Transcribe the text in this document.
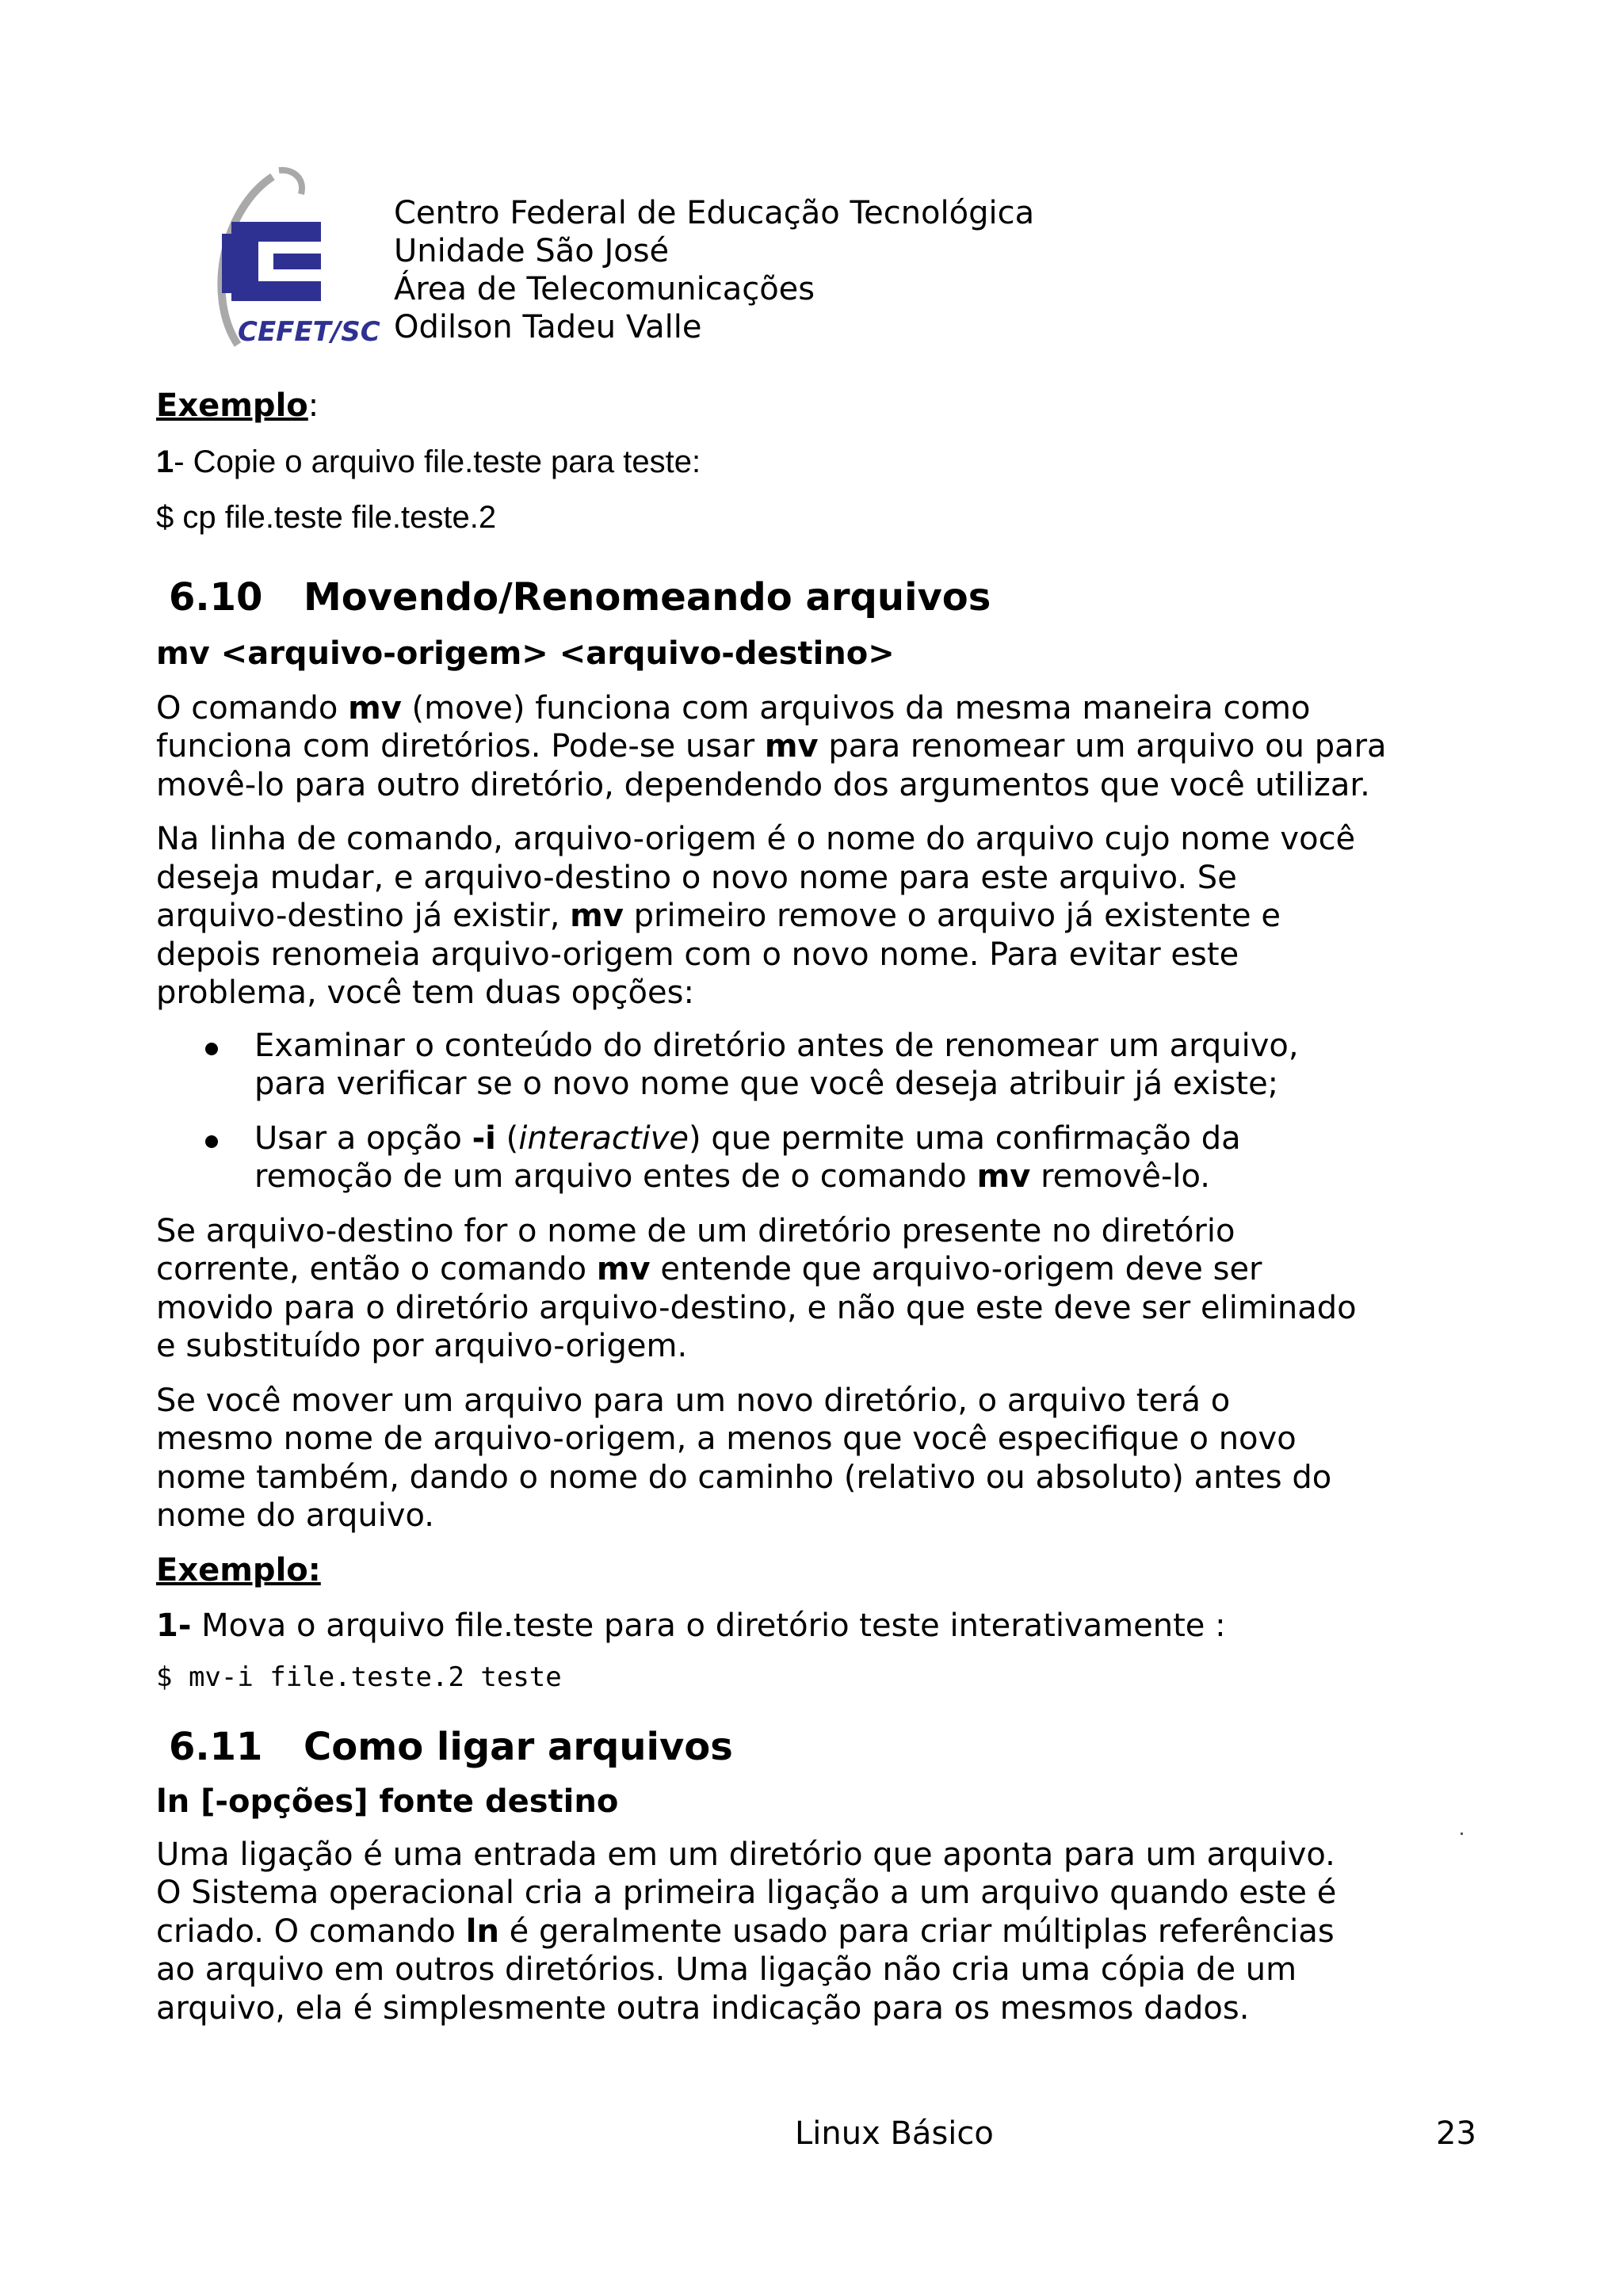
CEFET/SC
Centro Federal de Educação Tecnológica
Unidade São José
Área de Telecomunicações
Odilson Tadeu Valle

Exemplo:

1- Copie o arquivo file.teste para teste:

$ cp file.teste file.teste.2

6.10 Movendo/Renomeando arquivos

mv <arquivo-origem> <arquivo-destino>

O comando mv (move) funciona com arquivos da mesma maneira como

funciona com diretórios. Pode-se usar mv para renomear um arquivo ou para

movê-lo para outro diretório, dependendo dos argumentos que você utilizar.

Na linha de comando, arquivo-origem é o nome do arquivo cujo nome você

deseja mudar, e arquivo-destino o novo nome para este arquivo. Se

arquivo-destino já existir, mv primeiro remove o arquivo já existente e

depois renomeia arquivo-origem com o novo nome. Para evitar este

problema, você tem duas opções:

Examinar o conteúdo do diretório antes de renomear um arquivo,
para verificar se o novo nome que você deseja atribuir já existe;
Usar a opção -i (interactive) que permite uma confirmação da
remoção de um arquivo entes de o comando mv removê-lo.

Se arquivo-destino for o nome de um diretório presente no diretório

corrente, então o comando mv entende que arquivo-origem deve ser

movido para o diretório arquivo-destino, e não que este deve ser eliminado

e substituído por arquivo-origem.

Se você mover um arquivo para um novo diretório, o arquivo terá o

mesmo nome de arquivo-origem, a menos que você especifique o novo

nome também, dando o nome do caminho (relativo ou absoluto) antes do

nome do arquivo.

Exemplo:

1- Mova o arquivo file.teste para o diretório teste interativamente :

$ mv-i file.teste.2 teste

6.11 Como ligar arquivos

ln [-opções] fonte destino

Uma ligação é uma entrada em um diretório que aponta para um arquivo.

O Sistema operacional cria a primeira ligação a um arquivo quando este é

criado. O comando ln é geralmente usado para criar múltiplas referências

ao arquivo em outros diretórios. Uma ligação não cria uma cópia de um

arquivo, ela é simplesmente outra indicação para os mesmos dados.

Linux Básico	23
